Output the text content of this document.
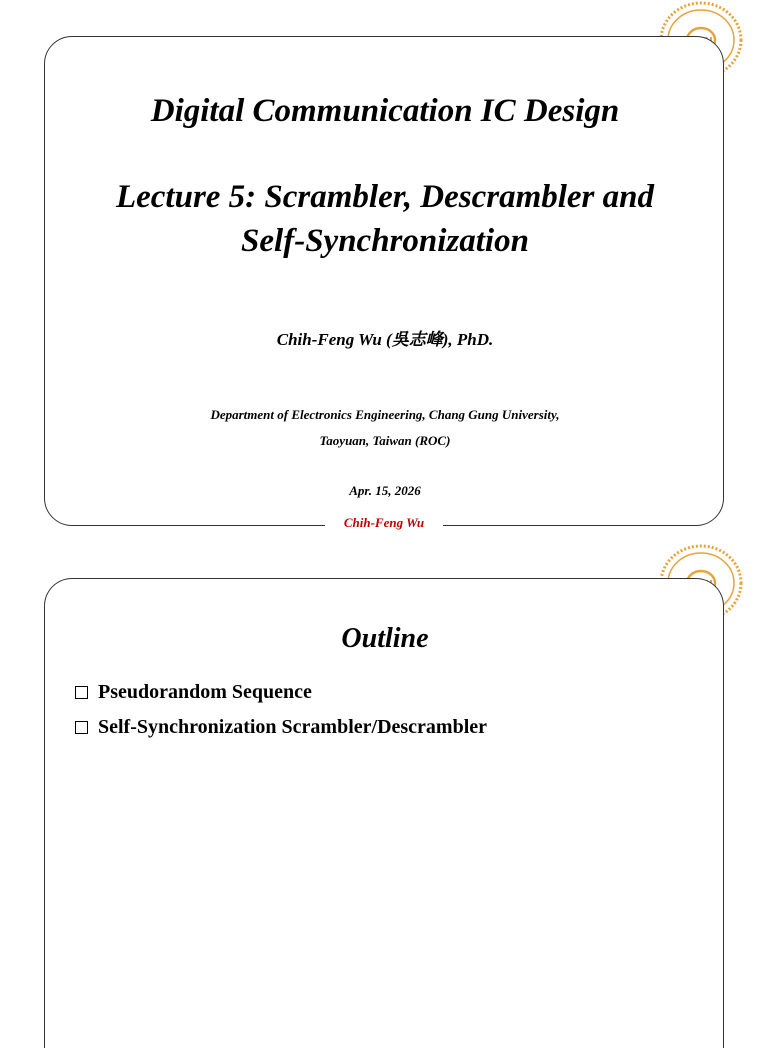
Digital Communication IC Design
Lecture 5: Scrambler, Descrambler and
Self-Synchronization
Chih-Feng Wu (吳志峰), PhD.
Department of Electronics Engineering, Chang Gung University,
Taoyuan, Taiwan (ROC)
Apr. 15, 2026
Chih-Feng Wu
Outline
Pseudorandom Sequence
Self-Synchronization Scrambler/Descrambler
